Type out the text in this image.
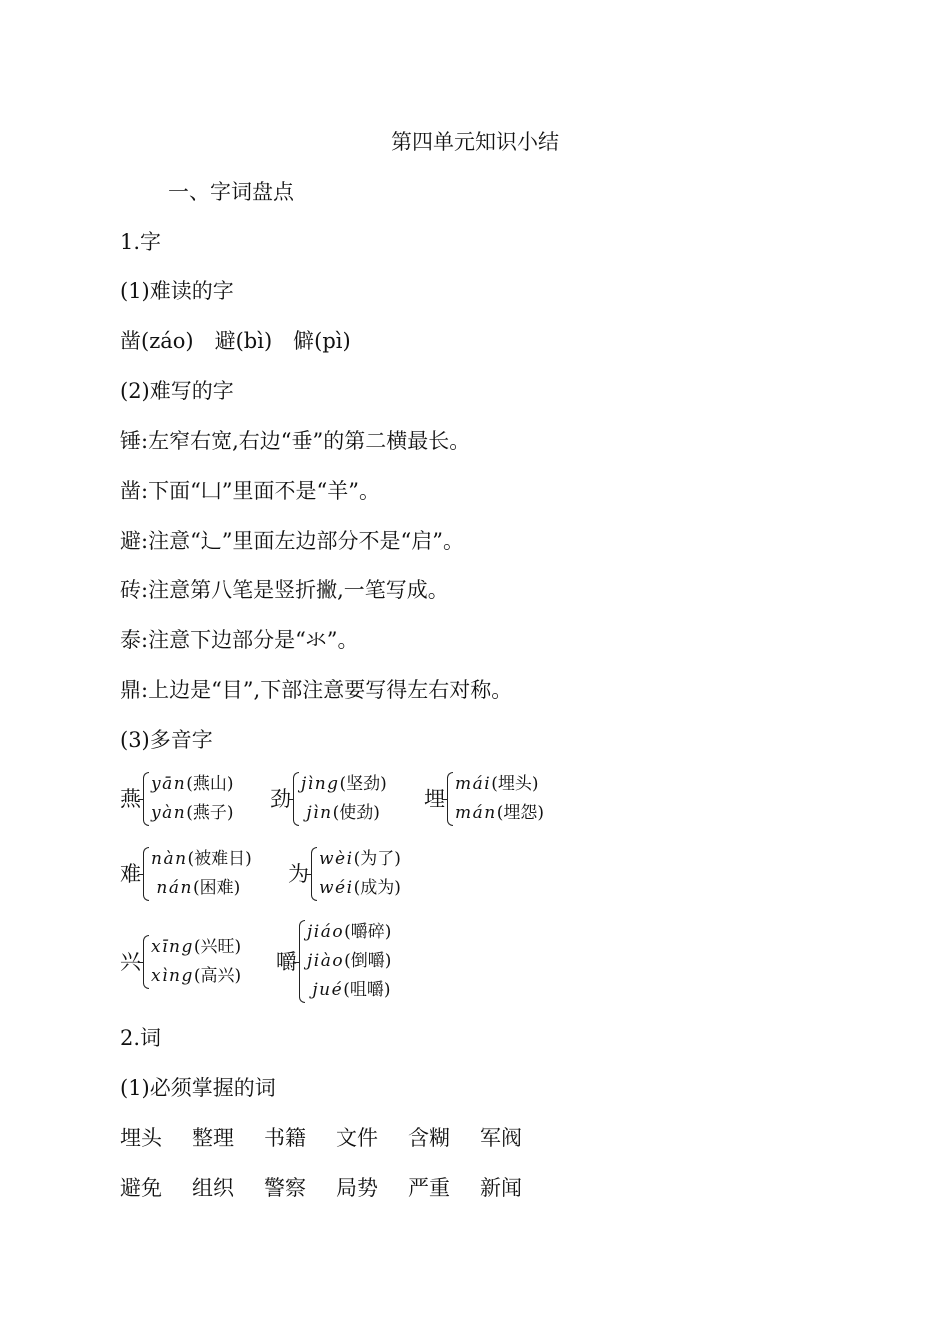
第四单元知识小结
一、字词盘点
1.字
(1)难读的字
凿(záo)　避(bì)　僻(pì)
(2)难写的字
锤:左窄右宽,右边“垂”的第二横最长。
凿:下面“凵”里面不是“羊”。
避:注意“辶”里面左边部分不是“启”。
砖:注意第八笔是竖折撇,一笔写成。
泰:注意下边部分是“氺”。
鼎:上边是“目”,下部注意要写得左右对称。
(3)多音字
燕
yān(燕山)
yàn(燕子)
劲
jìng(坚劲)
jìn(使劲)
埋
mái(埋头)
mán(埋怨)
难
nàn(被难日)
nán(困难)
为
wèi(为了)
wéi(成为)
兴
xīng(兴旺)
xìng(高兴)
嚼
jiáo(嚼碎)
jiào(倒嚼)
jué(咀嚼)
2.词
(1)必须掌握的词
埋头	整理	书籍	文件	含糊	军阀
避免	组织	警察	局势	严重	新闻
